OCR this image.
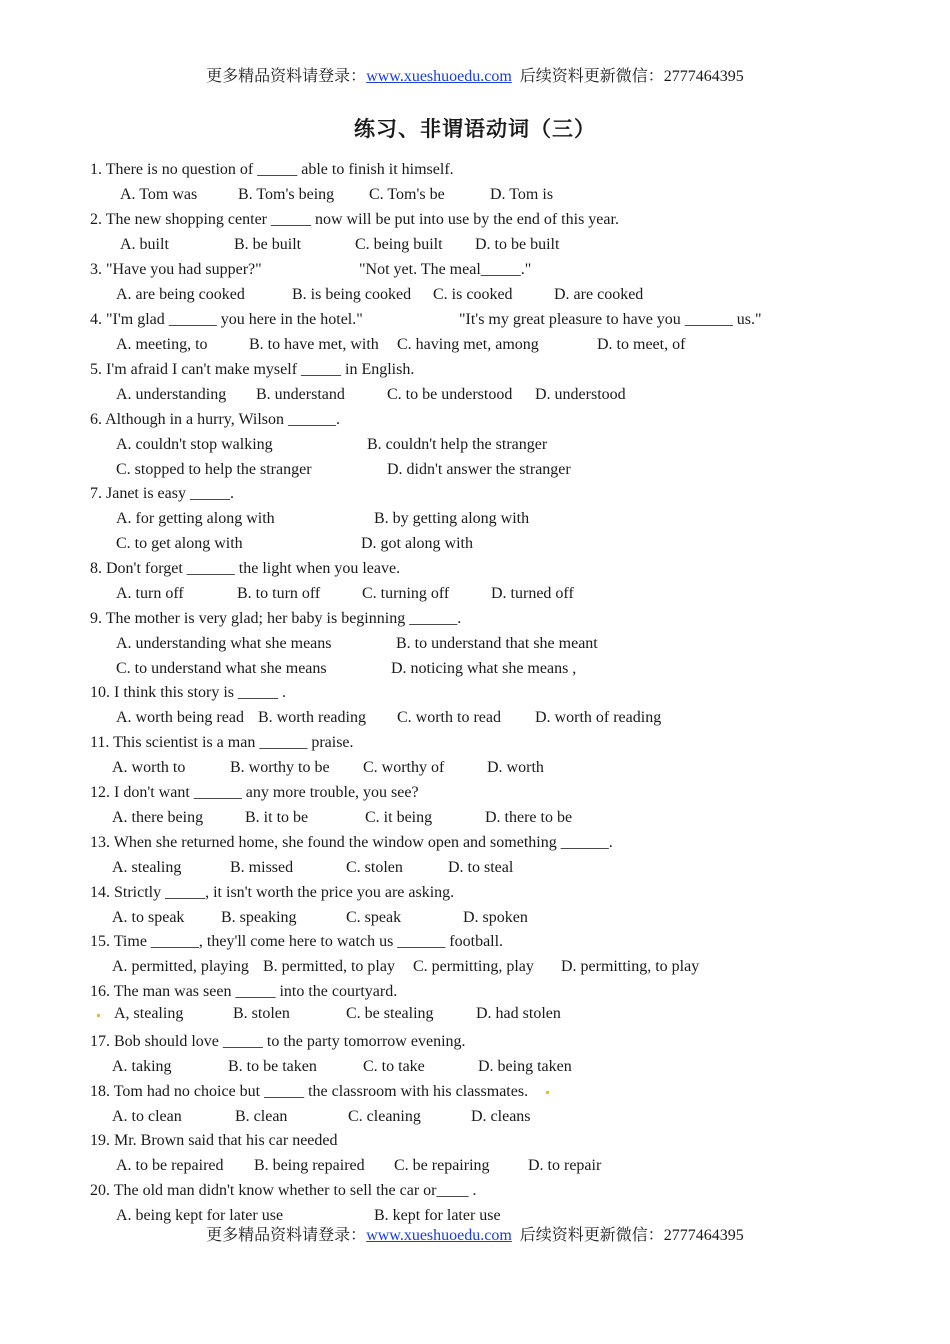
更多精品资料请登录：www.xueshuoedu.com 后续资料更新微信：2777464395
练习、非谓语动词（三）
1. There is no question of _____ able to finish it himself.
A. Tom was	B. Tom's being C. Tom's be	D. Tom is
2. The new shopping center _____ now will be put into use by the end of this year.
A. built	B. be built	C. being built D. to be built
3. "Have you had supper?"	"Not yet. The meal_____."
A. are being cooked	B. is being cooked C. is cooked	D. are cooked
4. "I'm glad ______ you here in the hotel."	"It's my great pleasure to have you ______ us."
A. meeting, to	B. to have met, with C. having met, among	D. to meet, of
5. I'm afraid I can't make myself _____ in English.
A. understanding B. understand	C. to be understood D. understood
6. Although in a hurry, Wilson ______.
A. couldn't stop walking	B. couldn't help the stranger
C. stopped to help the stranger	D. didn't answer the stranger
7. Janet is easy _____.
A. for getting along with	B. by getting along with
C. to get along with	D. got along with
8. Don't forget ______ the light when you leave.
A. turn off	B. to turn off	C. turning off	D. turned off
9. The mother is very glad; her baby is beginning ______.
A. understanding what she means	B. to understand that she meant
C. to understand what she means	D. noticing what she means ,
10. I think this story is _____ .
A. worth being read B. worth reading C. worth to read D. worth of reading
11. This scientist is a man ______ praise.
A. worth to	B. worthy to be C. worthy of	D. worth
12. I don't want ______ any more trouble, you see?
A. there being	B. it to be	C. it being	D. there to be
13. When she returned home, she found the window open and something ______.
A. stealing	B. missed	C. stolen	D. to steal
14. Strictly _____, it isn't worth the price you are asking.
A. to speak B. speaking	C. speak	D. spoken
15. Time ______, they'll come here to watch us ______ football.
A. permitted, playing B. permitted, to play C. permitting, play D. permitting, to play
16. The man was seen _____ into the courtyard.
A, stealing	B. stolen	C. be stealing	D. had stolen
17. Bob should love _____ to the party tomorrow evening.
A. taking	B. to be taken	C. to take	D. being taken
18. Tom had no choice but _____ the classroom with his classmates.
A. to clean	B. clean	C. cleaning	D. cleans
19. Mr. Brown said that his car needed
A. to be repaired B. being repaired C. be repairing D. to repair
20. The old man didn't know whether to sell the car or____ .
A. being kept for later use	B. kept for later use
更多精品资料请登录：www.xueshuoedu.com 后续资料更新微信：2777464395
